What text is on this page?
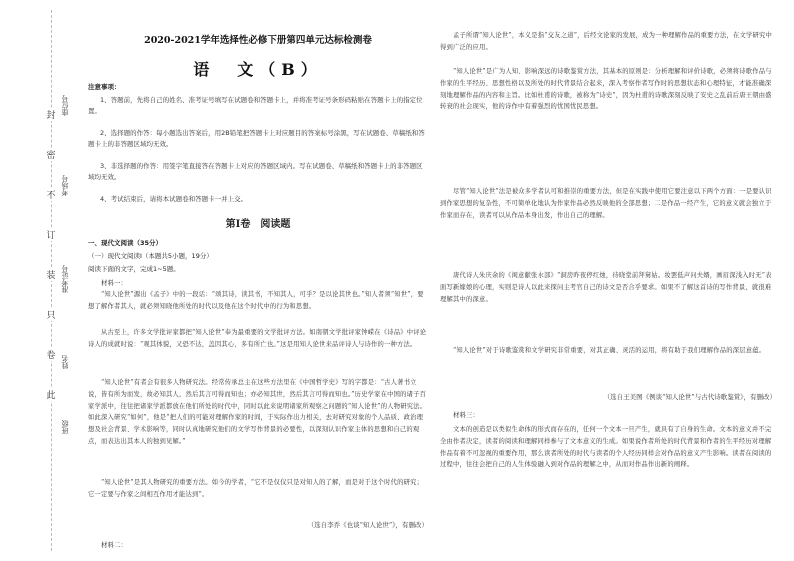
封
密
不
订
装
只
卷
此
座位号
考场号
准考证号
姓名
班级
2020-2021学年选择性必修下册第四单元达标检测卷
语　文（B）
注意事项：
1、答题前，先将自己的姓名、准考证号填写在试题卷和答题卡上，并将准考证号条形码粘贴在答题卡上的指定位置。
2、选择题的作答：每小题选出答案后，用2B铅笔把答题卡上对应题目的答案标号涂黑，写在试题卷、草稿纸和答题卡上的非答题区域均无效。
3、非选择题的作答：用签字笔直接答在答题卡上对应的答题区域内。写在试题卷、草稿纸和答题卡上的非答题区域均无效。
4、考试结束后，请将本试题卷和答题卡一并上交。
第Ⅰ卷　阅读题
一、现代文阅读（35分）
（一）现代文阅读Ⅰ（本题共5小题，19分）
阅读下面的文字，完成1~5题。
材料一：
“知人论世”源出《孟子》中的一段话：“颂其诗，读其书，不知其人，可乎？是以论其世也。”知人者须“知世”，要想了解作者其人，就必须知晓他所处的时代以及他在这个时代中的行为和思想。
从古至上，许多文学批评家都把“知人论世”奉为最重要的文学批评方法。如南朝文学批评家钟嵘在《诗品》中评论诗人的成就时说：“观其体貌，又恐不达，盖因其心，多有所亡也。”这是用知人论世来品评诗人与诗作的一种方法。
“知人论世”有者会有很多人物研究法。经常传承总主在这些方法里在《中国哲学史》写的字都是：“古人著书立说，皆有所为而发，故必知其人，然后其言可得而知也；亦必知其世，然后其言可得而知也。”历史学家在中国的诸子百家学派中，往往把诸家学派都放在他们所处的时代中，同时以此来说明诸家所观察之问题的“知人论世”的人物研究法。如此深入研究“如何”，他是“把人们的可能对理解作家的时间，于实际作出力相关，去对研究对象的个人品质、政治理想及社会背景、学术影响等，同时认真地研究他们的文学写作背景的必要性，以深刻认识作家主体的思想和自己的观点，而表达出其本人的独到见解。”
“知人论世”是其人物研究的重要方法。如今的学者，“它不是仅仅只是对知人的了解，而是对于这个时代的研究；它一定要与作家之间相互作用才能达到”。
（选自李乔《也谈“知人论世”》，有删改）
材料二：
孟子所谓“知人论世”，本义是指“交友之道”，后经文论家的发展，成为一种理解作品的重要方法，在文学研究中得到广泛的应用。
“知人论世”是广为人知、影响深远的诗歌鉴赏方法，其基本的原则是：分析理解和评价诗歌，必须将诗歌作品与作家的生平经历、思想性格以及所处的时代背景结合起来，深入考察作者写作时的思想状态和心理特征，才能准确深刻地理解作品的内容和主旨。比如杜甫的诗歌，被称为“诗史”，因为杜甫的诗歌深刻反映了安史之乱前后唐王朝由盛转衰的社会现实，他的诗作中有着强烈的忧国忧民思想。
尽管“知人论世”法是被众多学者认可和推崇的重要方法，但是在实践中使用它要注意以下两个方面：一是要认识到作家思想的复杂性，不可简单化地认为作家作品必然反映他的全部思想；二是作品一经产生，它的意义就会独立于作家而存在，读者可以从作品本身出发，作出自己的理解。
唐代诗人朱庆余的《闺意献张水部》“洞房昨夜停红烛，待晓堂前拜舅姑。妆罢低声问夫婿，画眉深浅入时无”表面写新嫁娘的心理，实则是诗人以此来探问主考官自己的诗文是否合乎要求。如果不了解这首诗的写作背景，就很难理解其中的深意。
“知人论世”对于诗歌鉴赏和文学研究非常重要，对其正确、灵活的运用，将有助于我们理解作品的深层意蕴。
（选自王美图《例谈“知人论世”与古代诗歌鉴赏》，有删改）
材料三：
文本的创造是以类似生命体的形式而存在的，任何一个文本一旦产生，就具有了自身的生命。文本的意义并不完全由作者决定，读者的阅读和理解同样参与了文本意义的生成。如果说作者所处的时代背景和作者的生平经历对理解作品有着不可忽视的重要作用，那么读者所处的时代与读者的个人经历同样会对作品的意义产生影响。读者在阅读的过程中，往往会把自己的人生体验融入到对作品的理解之中，从而对作品作出新的阐释。
